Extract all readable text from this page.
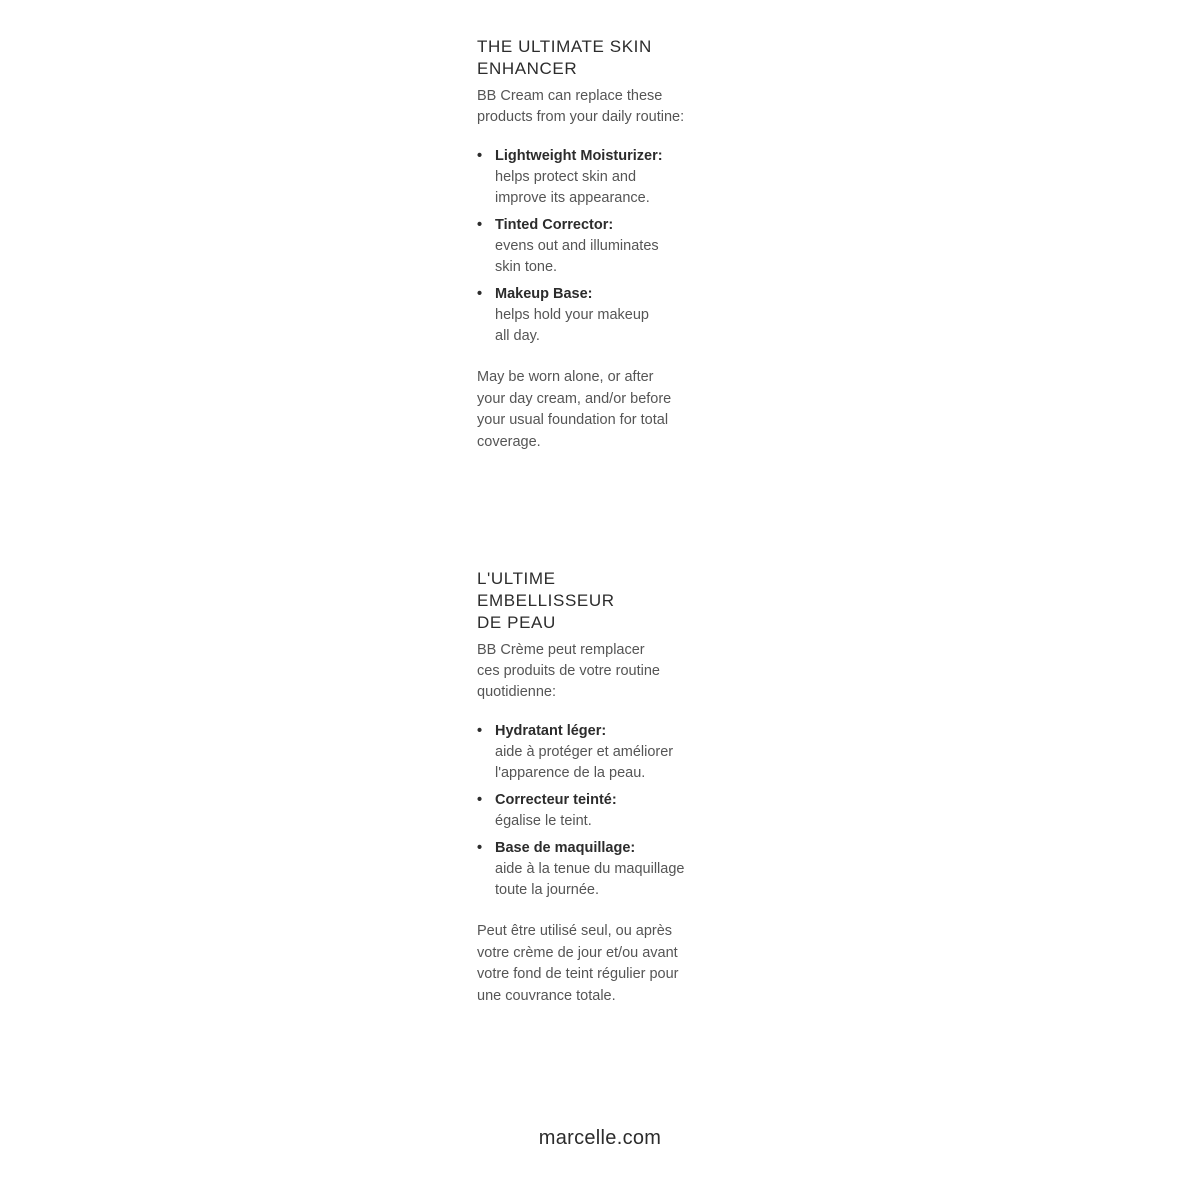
THE ULTIMATE SKIN
ENHANCER

BB Cream can replace these
products from your daily routine:

• Lightweight Moisturizer:
helps protect skin and
improve its appearance.
• Tinted Corrector:
evens out and illuminates
skin tone.
• Makeup Base:
helps hold your makeup
all day.

May be worn alone, or after
your day cream, and/or before
your usual foundation for total
coverage.

L'ULTIME
EMBELLISSEUR
DE PEAU

BB Crème peut remplacer
ces produits de votre routine
quotidienne:

• Hydratant léger:
aide à protéger et améliorer
l'apparence de la peau.
• Correcteur teinté:
égalise le teint.
• Base de maquillage:
aide à la tenue du maquillage
toute la journée.

Peut être utilisé seul, ou après
votre crème de jour et/ou avant
votre fond de teint régulier pour
une couvrance totale.

marcelle.com
